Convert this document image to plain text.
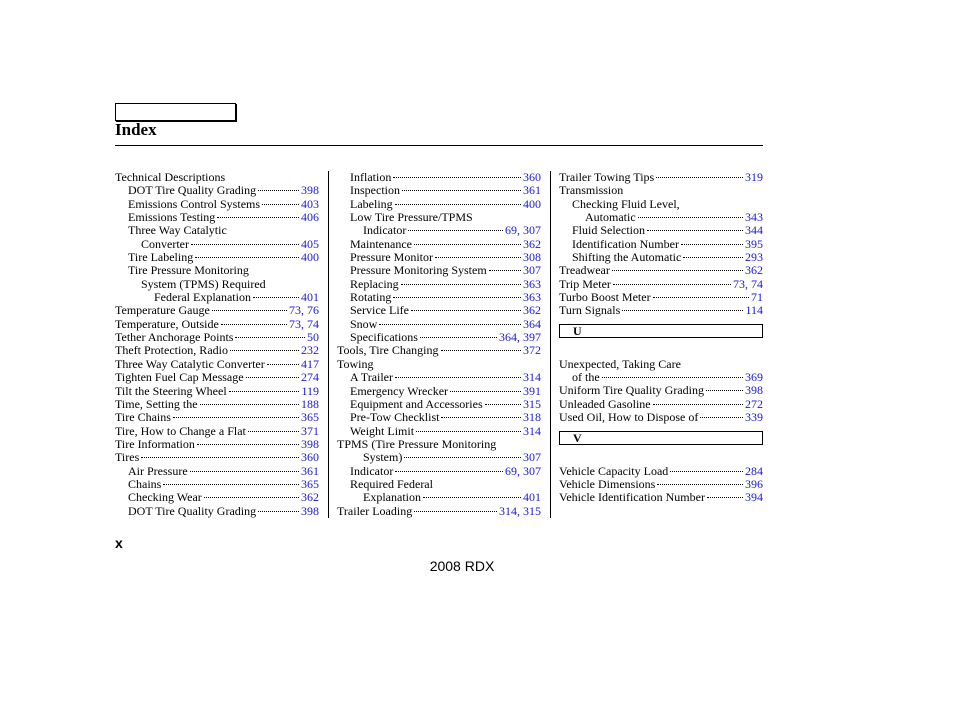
Index
Technical Descriptions
DOT Tire Quality Grading	398
Emissions Control Systems	403
Emissions Testing	406
Three Way Catalytic
Converter	405
Tire Labeling	400
Tire Pressure Monitoring
System (TPMS) Required
Federal Explanation	401
Temperature Gauge	73, 76
Temperature, Outside	73, 74
Tether Anchorage Points	50
Theft Protection, Radio	232
Three Way Catalytic Converter	417
Tighten Fuel Cap Message	274
Tilt the Steering Wheel	119
Time, Setting the	188
Tire Chains	365
Tire, How to Change a Flat	371
Tire Information	398
Tires	360
Air Pressure	361
Chains	365
Checking Wear	362
DOT Tire Quality Grading	398
Inflation	360
Inspection	361
Labeling	400
Low Tire Pressure/TPMS
Indicator	69, 307
Maintenance	362
Pressure Monitor	308
Pressure Monitoring System	307
Replacing	363
Rotating	363
Service Life	362
Snow	364
Specifications	364, 397
Tools, Tire Changing	372
Towing
A Trailer	314
Emergency Wrecker	391
Equipment and Accessories	315
Pre-Tow Checklist	318
Weight Limit	314
TPMS (Tire Pressure Monitoring
System)	307
Indicator	69, 307
Required Federal
Explanation	401
Trailer Loading	314, 315
Trailer Towing Tips	319
Transmission
Checking Fluid Level,
Automatic	343
Fluid Selection	344
Identification Number	395
Shifting the Automatic	293
Treadwear	362
Trip Meter	73, 74
Turbo Boost Meter	71
Turn Signals	114
U
Unexpected, Taking Care
of the	369
Uniform Tire Quality Grading	398
Unleaded Gasoline	272
Used Oil, How to Dispose of	339
V
Vehicle Capacity Load	284
Vehicle Dimensions	396
Vehicle Identification Number	394
x
2008 RDX
